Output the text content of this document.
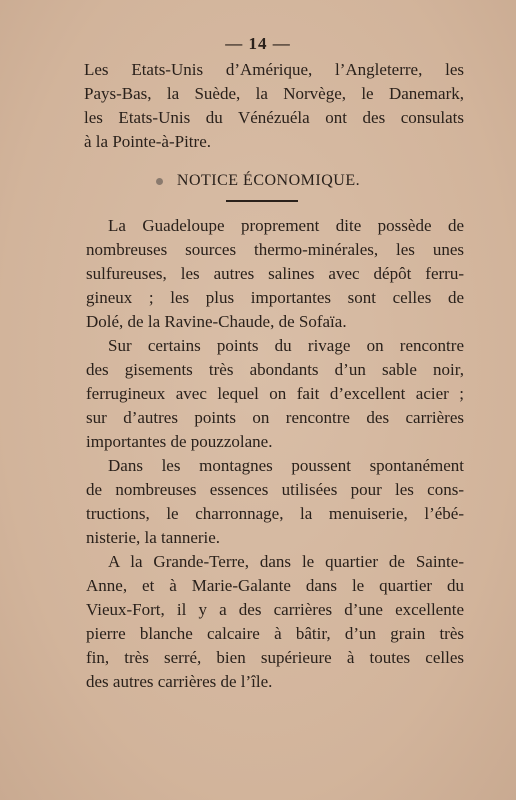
— 14 —
Les Etats-Unis d’Amérique, l’Angleterre, les
Pays-Bas, la Suède, la Norvège, le Danemark,
les Etats-Unis du Vénézuéla ont des consulats
à la Pointe-à-Pitre.
NOTICE ÉCONOMIQUE.
La Guadeloupe proprement dite possède de
nombreuses sources thermo-minérales, les unes
sulfureuses, les autres salines avec dépôt ferru-
gineux ; les plus importantes sont celles de
Dolé, de la Ravine-Chaude, de Sofaïa.
Sur certains points du rivage on rencontre
des gisements très abondants d’un sable noir,
ferrugineux avec lequel on fait d’excellent acier ;
sur d’autres points on rencontre des carrières
importantes de pouzzolane.
Dans les montagnes poussent spontanément
de nombreuses essences utilisées pour les cons-
tructions, le charronnage, la menuiserie, l’ébé-
nisterie, la tannerie.
A la Grande-Terre, dans le quartier de Sainte-
Anne, et à Marie-Galante dans le quartier du
Vieux-Fort, il y a des carrières d’une excellente
pierre blanche calcaire à bâtir, d’un grain très
fin, très serré, bien supérieure à toutes celles
des autres carrières de l’île.
